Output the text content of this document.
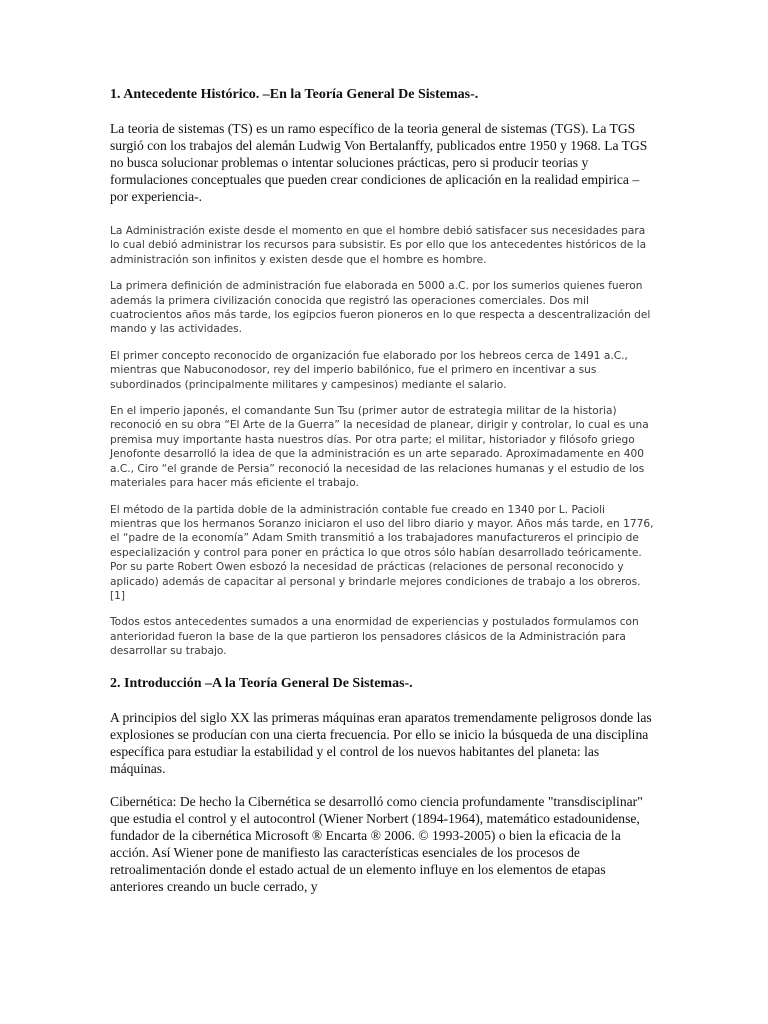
1. Antecedente Histórico. –En la Teoría General De Sistemas-.

La teoria de sistemas (TS) es un ramo específico de la teoria general de sistemas (TGS). La TGS surgió con los trabajos del alemán Ludwig Von Bertalanffy, publicados entre 1950 y 1968. La TGS no busca solucionar problemas o intentar soluciones prácticas, pero si producir teorias y formulaciones conceptuales que pueden crear condiciones de aplicación en la realidad empirica –por experiencia-.

La Administración existe desde el momento en que el hombre debió satisfacer sus necesidades para lo cual debió administrar los recursos para subsistir. Es por ello que los antecedentes históricos de la administración son infinitos y existen desde que el hombre es hombre.

La primera definición de administración fue elaborada en 5000 a.C. por los sumerios quienes fueron además la primera civilización conocida que registró las operaciones comerciales. Dos mil cuatrocientos años más tarde, los egipcios fueron pioneros en lo que respecta a descentralización del mando y las actividades.

El primer concepto reconocido de organización fue elaborado por los hebreos cerca de 1491 a.C., mientras que Nabuconodosor, rey del imperio babilónico, fue el primero en incentivar a sus subordinados (principalmente militares y campesinos) mediante el salario.

En el imperio japonés, el comandante Sun Tsu (primer autor de estrategia militar de la historia) reconoció en su obra “El Arte de la Guerra” la necesidad de planear, dirigir y controlar, lo cual es una premisa muy importante hasta nuestros días. Por otra parte; el militar, historiador y filósofo griego Jenofonte desarrolló la idea de que la administración es un arte separado. Aproximadamente en 400 a.C., Ciro “el grande de Persia” reconoció la necesidad de las relaciones humanas y el estudio de los materiales para hacer más eficiente el trabajo.

El método de la partida doble de la administración contable fue creado en 1340 por L. Pacioli mientras que los hermanos Soranzo iniciaron el uso del libro diario y mayor. Años más tarde, en 1776, el “padre de la economía” Adam Smith transmitió a los trabajadores manufactureros el principio de especialización y control para poner en práctica lo que otros sólo habían desarrollado teóricamente. Por su parte Robert Owen esbozó la necesidad de prácticas (relaciones de personal reconocido y aplicado) además de capacitar al personal y brindarle mejores condiciones de trabajo a los obreros.[1]

Todos estos antecedentes sumados a una enormidad de experiencias y postulados formulamos con anterioridad fueron la base de la que partieron los pensadores clásicos de la Administración para desarrollar su trabajo.

2. Introducción –A la Teoría General De Sistemas-.

A principios del siglo XX las primeras máquinas eran aparatos tremendamente peligrosos donde las explosiones se producían con una cierta frecuencia. Por ello se inicio la búsqueda de una disciplina específica para estudiar la estabilidad y el control de los nuevos habitantes del planeta: las máquinas.

Cibernética: De hecho la Cibernética se desarrolló como ciencia profundamente "transdisciplinar" que estudia el control y el autocontrol (Wiener Norbert (1894-1964), matemático estadounidense, fundador de la cibernética Microsoft ® Encarta ® 2006. © 1993-2005) o bien la eficacia de la acción. Así Wiener pone de manifiesto las características esenciales de los procesos de retroalimentación donde el estado actual de un elemento influye en los elementos de etapas anteriores creando un bucle cerrado, y
